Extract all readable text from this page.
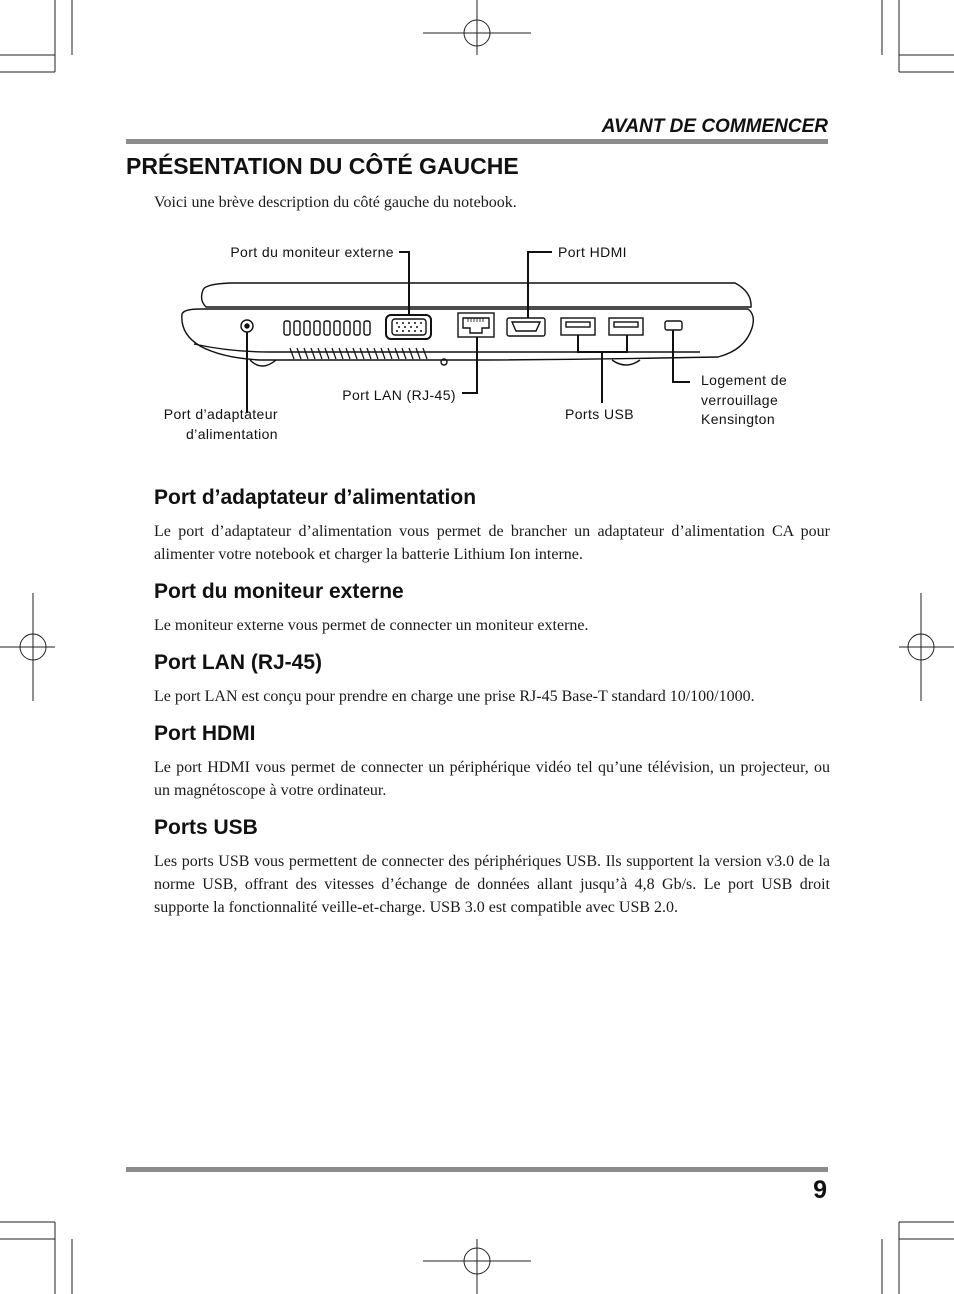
AVANT DE COMMENCER
PRÉSENTATION DU CÔTÉ GAUCHE

Voici une brève description du côté gauche du notebook.

Port du moniteur externe	Port HDMI
Port LAN (RJ-45)
Ports USB
Port d’adaptateur
d’alimentation
Logement de
verrouillage
Kensington
Port d’adaptateur d’alimentation

Le port d’adaptateur d’alimentation vous permet de brancher un adaptateur d’alimentation CA pour alimenter votre notebook et charger la batterie Lithium Ion interne.

Port du moniteur externe

Le moniteur externe vous permet de connecter un moniteur externe.

Port LAN (RJ-45)

Le port LAN est conçu pour prendre en charge une prise RJ-45 Base-T standard 10/100/1000.

Port HDMI

Le port HDMI vous permet de connecter un périphérique vidéo tel qu’une télévision, un projecteur, ou un magnétoscope à votre ordinateur.

Ports USB

Les ports USB vous permettent de connecter des périphériques USB. Ils supportent la version v3.0 de la norme USB, offrant des vitesses d’échange de données allant jusqu’à 4,8 Gb/s. Le port USB droit supporte la fonctionnalité veille-et-charge. USB 3.0 est compatible avec USB 2.0.

9
